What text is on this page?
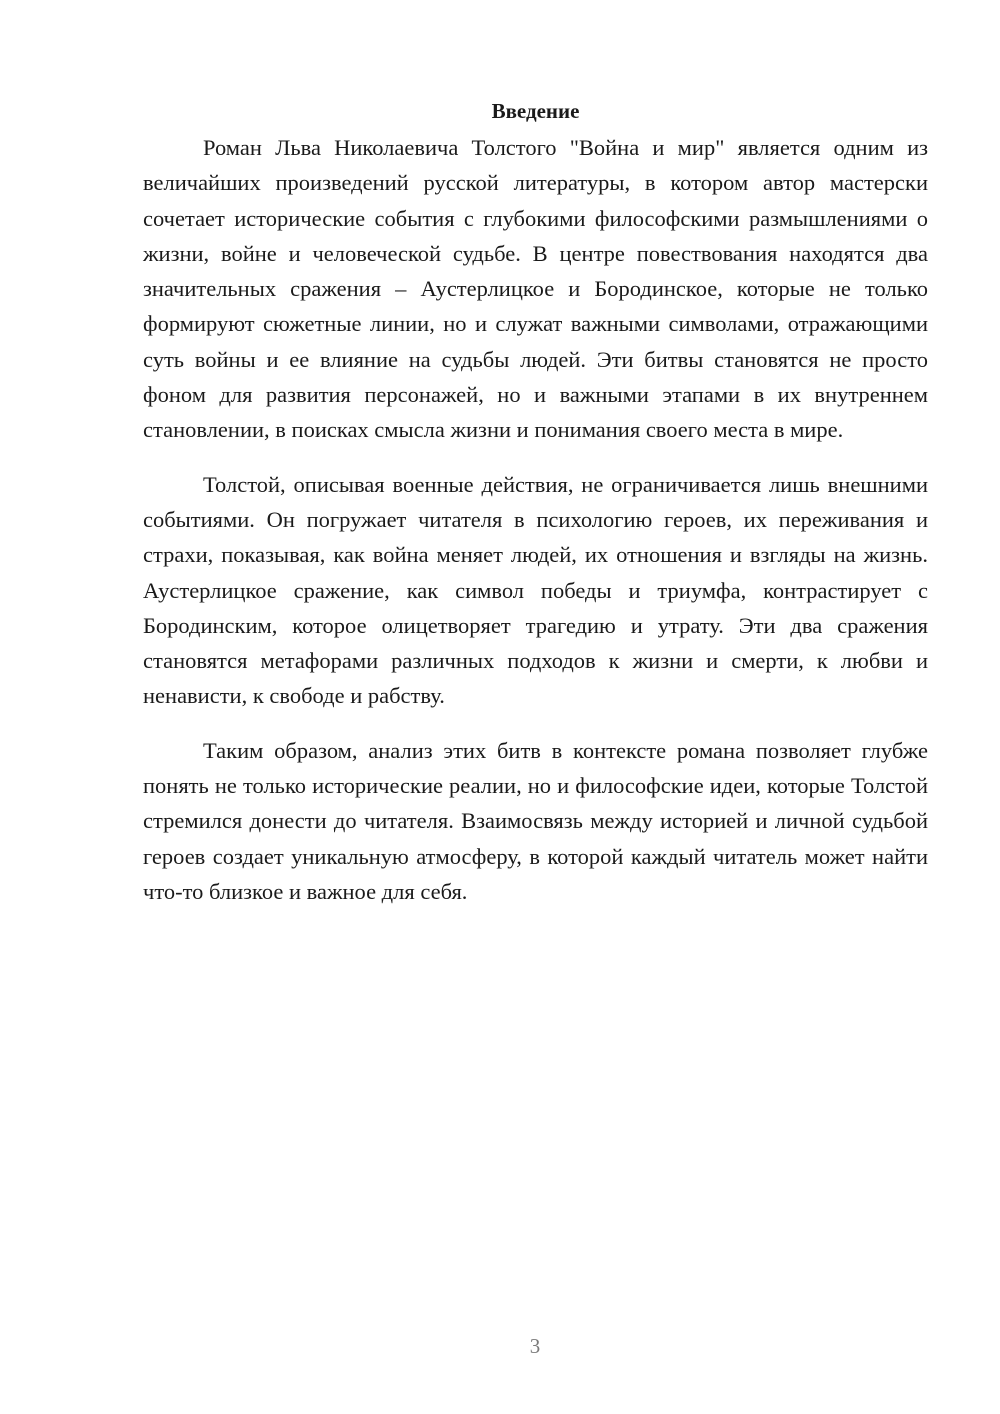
Введение

Роман Льва Николаевича Толстого "Война и мир" является одним из величайших произведений русской литературы, в котором автор мастерски сочетает исторические события с глубокими философскими размышлениями о жизни, войне и человеческой судьбе. В центре повествования находятся два значительных сражения – Аустерлицкое и Бородинское, которые не только формируют сюжетные линии, но и служат важными символами, отражающими суть войны и ее влияние на судьбы людей. Эти битвы становятся не просто фоном для развития персонажей, но и важными этапами в их внутреннем становлении, в поисках смысла жизни и понимания своего места в мире.

Толстой, описывая военные действия, не ограничивается лишь внешними событиями. Он погружает читателя в психологию героев, их переживания и страхи, показывая, как война меняет людей, их отношения и взгляды на жизнь. Аустерлицкое сражение, как символ победы и триумфа, контрастирует с Бородинским, которое олицетворяет трагедию и утрату. Эти два сражения становятся метафорами различных подходов к жизни и смерти, к любви и ненависти, к свободе и рабству.

Таким образом, анализ этих битв в контексте романа позволяет глубже понять не только исторические реалии, но и философские идеи, которые Толстой стремился донести до читателя. Взаимосвязь между историей и личной судьбой героев создает уникальную атмосферу, в которой каждый читатель может найти что-то близкое и важное для себя.

3
